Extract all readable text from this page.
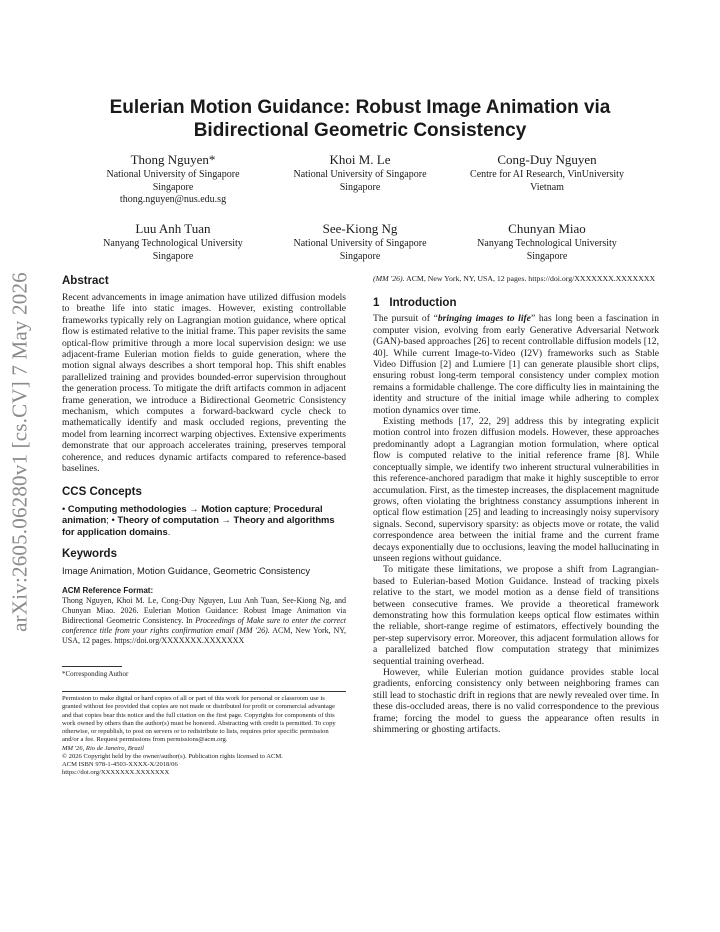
arXiv:2605.06280v1 [cs.CV] 7 May 2026
Eulerian Motion Guidance: Robust Image Animation via Bidirectional Geometric Consistency
Thong Nguyen*
National University of Singapore
Singapore
thong.nguyen@nus.edu.sg
Khoi M. Le
National University of Singapore
Singapore
Cong-Duy Nguyen
Centre for AI Research, VinUniversity
Vietnam
Luu Anh Tuan
Nanyang Technological University
Singapore
See-Kiong Ng
National University of Singapore
Singapore
Chunyan Miao
Nanyang Technological University
Singapore
Abstract

Recent advancements in image animation have utilized diffusion models to breathe life into static images. However, existing controllable frameworks typically rely on Lagrangian motion guidance, where optical flow is estimated relative to the initial frame. This paper revisits the same optical-flow primitive through a more local supervision design: we use adjacent-frame Eulerian motion fields to guide generation, where the motion signal always describes a short temporal hop. This shift enables parallelized training and provides bounded-error supervision throughout the generation process. To mitigate the drift artifacts common in adjacent frame generation, we introduce a Bidirectional Geometric Consistency mechanism, which computes a forward-backward cycle check to mathematically identify and mask occluded regions, preventing the model from learning incorrect warping objectives. Extensive experiments demonstrate that our approach accelerates training, preserves temporal coherence, and reduces dynamic artifacts compared to reference-based baselines.

CCS Concepts

• Computing methodologies → Motion capture; Procedural animation; • Theory of computation → Theory and algorithms for application domains.

Keywords

Image Animation, Motion Guidance, Geometric Consistency

ACM Reference Format:

Thong Nguyen, Khoi M. Le, Cong-Duy Nguyen, Luu Anh Tuan, See-Kiong Ng, and Chunyan Miao. 2026. Eulerian Motion Guidance: Robust Image Animation via Bidirectional Geometric Consistency. In Proceedings of Make sure to enter the correct conference title from your rights confirmation email (MM '26). ACM, New York, NY, USA, 12 pages. https://doi.org/XXXXXXX.XXXXXXX

*Corresponding Author

Permission to make digital or hard copies of all or part of this work for personal or classroom use is granted without fee provided that copies are not made or distributed for profit or commercial advantage and that copies bear this notice and the full citation on the first page. Copyrights for components of this work owned by others than the author(s) must be honored. Abstracting with credit is permitted. To copy otherwise, or republish, to post on servers or to redistribute to lists, requires prior specific permission and/or a fee. Request permissions from permissions@acm.org.

MM '26, Rio de Janeiro, Brazil

© 2026 Copyright held by the owner/author(s). Publication rights licensed to ACM.

ACM ISBN 978-1-4503-XXXX-X/2018/06

https://doi.org/XXXXXXX.XXXXXXX

(MM '26). ACM, New York, NY, USA, 12 pages. https://doi.org/XXXXXXX.XXXXXXX

1 Introduction

The pursuit of “bringing images to life” has long been a fascination in computer vision, evolving from early Generative Adversarial Network (GAN)-based approaches [26] to recent controllable diffusion models [12, 40]. While current Image-to-Video (I2V) frameworks such as Stable Video Diffusion [2] and Lumiere [1] can generate plausible short clips, ensuring robust long-term temporal consistency under complex motion remains a formidable challenge. The core difficulty lies in maintaining the identity and structure of the initial image while adhering to complex motion dynamics over time.

Existing methods [17, 22, 29] address this by integrating explicit motion control into frozen diffusion models. However, these approaches predominantly adopt a Lagrangian motion formulation, where optical flow is computed relative to the initial reference frame [8]. While conceptually simple, we identify two inherent structural vulnerabilities in this reference-anchored paradigm that make it highly susceptible to error accumulation. First, as the timestep increases, the displacement magnitude grows, often violating the brightness constancy assumptions inherent in optical flow estimation [25] and leading to increasingly noisy supervisory signals. Second, supervisory sparsity: as objects move or rotate, the valid correspondence area between the initial frame and the current frame decays exponentially due to occlusions, leaving the model hallucinating in unseen regions without guidance.

To mitigate these limitations, we propose a shift from Lagrangian-based to Eulerian-based Motion Guidance. Instead of tracking pixels relative to the start, we model motion as a dense field of transitions between consecutive frames. We provide a theoretical framework demonstrating how this formulation keeps optical flow estimates within the reliable, short-range regime of estimators, effectively bounding the per-step supervisory error. Moreover, this adjacent formulation allows for a parallelized batched flow computation strategy that minimizes sequential training overhead.

However, while Eulerian motion guidance provides stable local gradients, enforcing consistency only between neighboring frames can still lead to stochastic drift in regions that are newly revealed over time. In these dis-occluded areas, there is no valid correspondence to the previous frame; forcing the model to guess the appearance often results in shimmering or ghosting artifacts.
